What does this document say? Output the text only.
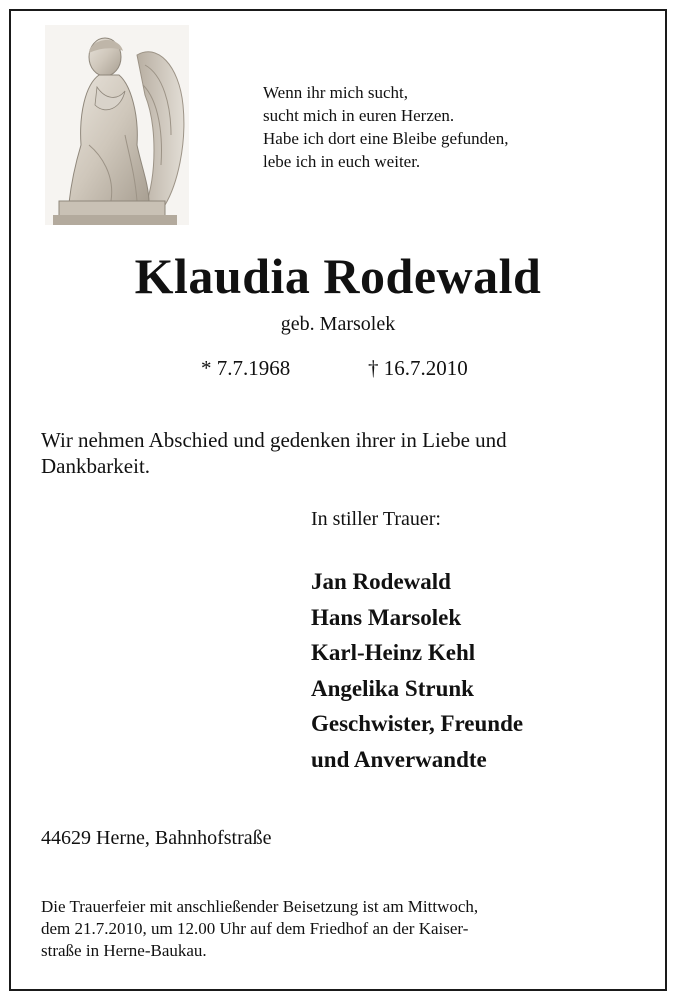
Wenn ihr mich sucht,
sucht mich in euren Herzen.
Habe ich dort eine Bleibe gefunden,
lebe ich in euch weiter.
Klaudia Rodewald
geb. Marsolek
* 7.7.1968	† 16.7.2010
Wir nehmen Abschied und gedenken ihrer in Liebe und
Dankbarkeit.
In stiller Trauer:
Jan Rodewald
Hans Marsolek
Karl-Heinz Kehl
Angelika Strunk
Geschwister, Freunde
und Anverwandte
44629 Herne, Bahnhofstraße
Die Trauerfeier mit anschließender Beisetzung ist am Mittwoch,
dem 21.7.2010, um 12.00 Uhr auf dem Friedhof an der Kaiser-
straße in Herne-Baukau.
